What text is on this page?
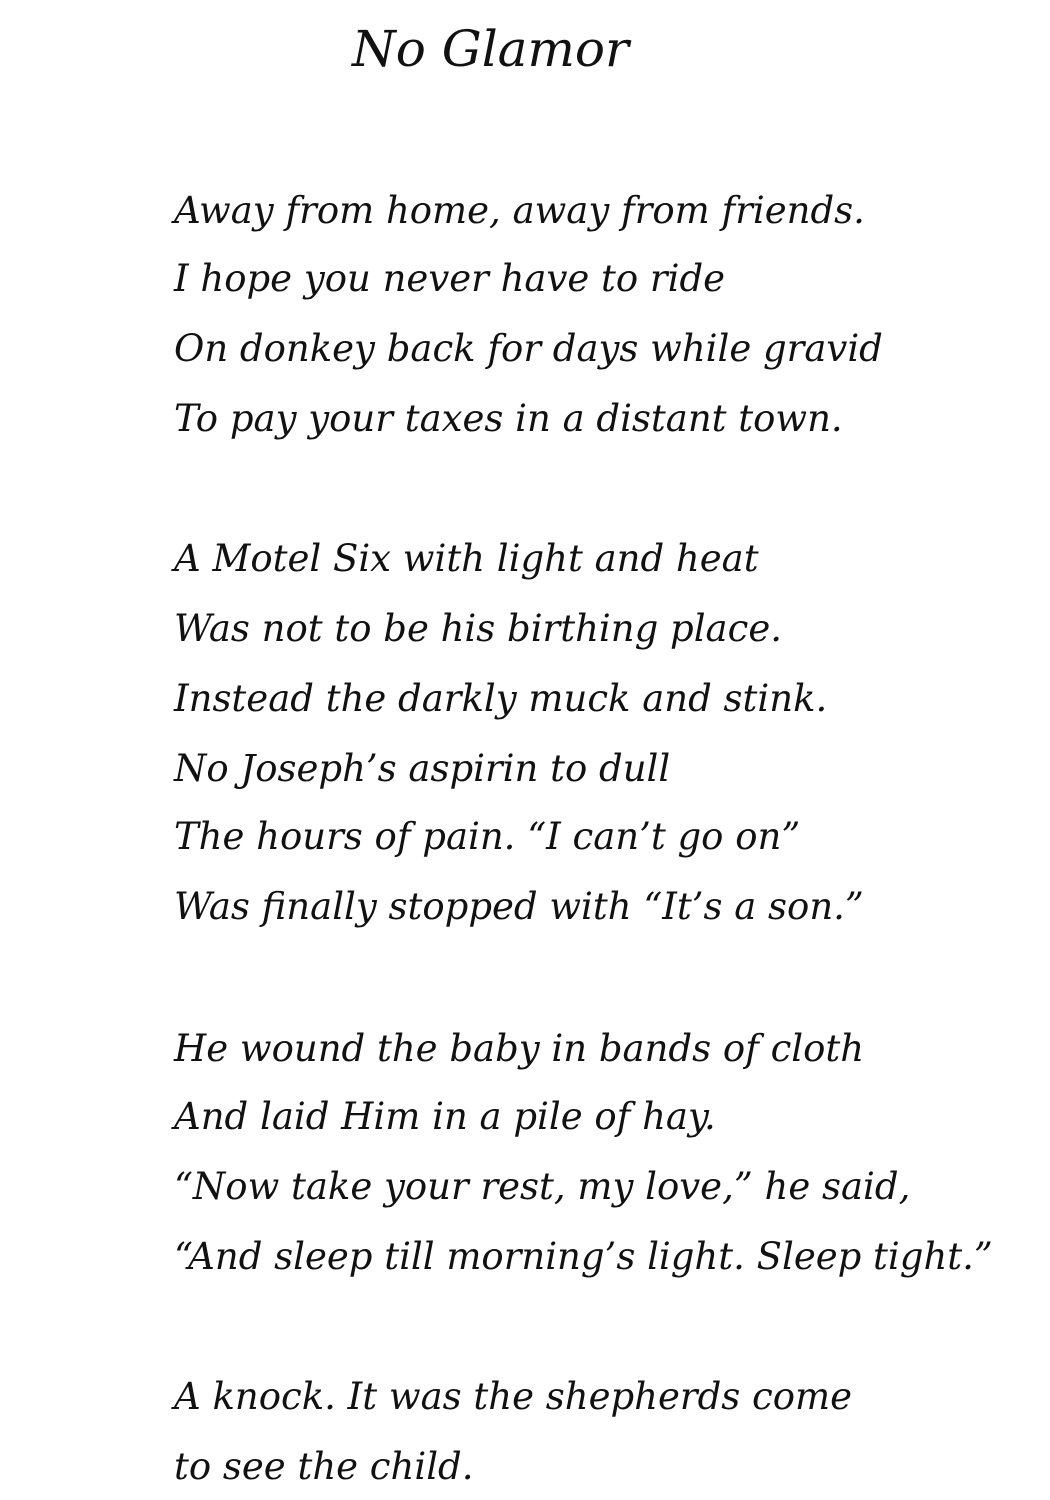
No Glamor

Away from home, away from friends.

I hope you never have to ride

On donkey back for days while gravid

To pay your taxes in a distant town.

A Motel Six with light and heat

Was not to be his birthing place.

Instead the darkly muck and stink.

No Joseph’s aspirin to dull

The hours of pain. “I can’t go on”

Was finally stopped with “It’s a son.”

He wound the baby in bands of cloth

And laid Him in a pile of hay.

“Now take your rest, my love,” he said,

“And sleep till morning’s light. Sleep tight.”

A knock. It was the shepherds come

to see the child.
